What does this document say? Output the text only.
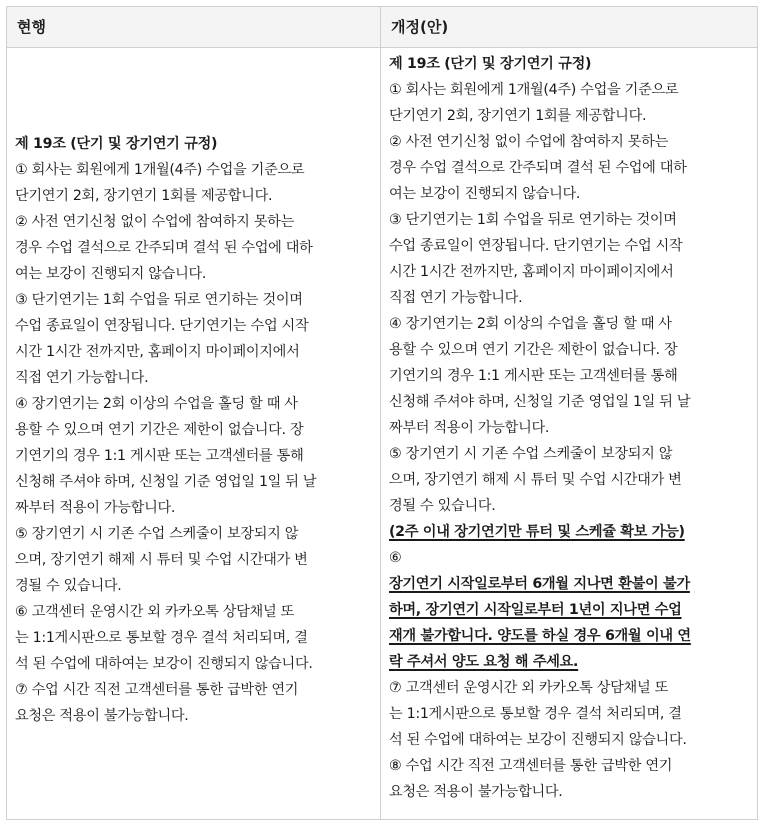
현행	개정(안)
제 19조 (단기 및 장기연기 규정)
① 회사는 회원에게 1개월(4주) 수업을 기준으로
단기연기 2회, 장기연기 1회를 제공합니다.
② 사전 연기신청 없이 수업에 참여하지 못하는
경우 수업 결석으로 간주되며 결석 된 수업에 대하
여는 보강이 진행되지 않습니다.
③ 단기연기는 1회 수업을 뒤로 연기하는 것이며
수업 종료일이 연장됩니다. 단기연기는 수업 시작
시간 1시간 전까지만, 홈페이지 마이페이지에서
직접 연기 가능합니다.
④ 장기연기는 2회 이상의 수업을 홀딩 할 때 사
용할 수 있으며 연기 기간은 제한이 없습니다. 장
기연기의 경우 1:1 게시판 또는 고객센터를 통해
신청해 주셔야 하며, 신청일 기준 영업일 1일 뒤 날
짜부터 적용이 가능합니다.
⑤ 장기연기 시 기존 수업 스케줄이 보장되지 않
으며, 장기연기 해제 시 튜터 및 수업 시간대가 변
경될 수 있습니다.
⑥ 고객센터 운영시간 외 카카오톡 상담채널 또
는 1:1게시판으로 통보할 경우 결석 처리되며, 결
석 된 수업에 대하여는 보강이 진행되지 않습니다.
⑦ 수업 시간 직전 고객센터를 통한 급박한 연기
요청은 적용이 불가능합니다.
제 19조 (단기 및 장기연기 규정)
① 회사는 회원에게 1개월(4주) 수업을 기준으로
단기연기 2회, 장기연기 1회를 제공합니다.
② 사전 연기신청 없이 수업에 참여하지 못하는
경우 수업 결석으로 간주되며 결석 된 수업에 대하
여는 보강이 진행되지 않습니다.
③ 단기연기는 1회 수업을 뒤로 연기하는 것이며
수업 종료일이 연장됩니다. 단기연기는 수업 시작
시간 1시간 전까지만, 홈페이지 마이페이지에서
직접 연기 가능합니다.
④ 장기연기는 2회 이상의 수업을 홀딩 할 때 사
용할 수 있으며 연기 기간은 제한이 없습니다. 장
기연기의 경우 1:1 게시판 또는 고객센터를 통해
신청해 주셔야 하며, 신청일 기준 영업일 1일 뒤 날
짜부터 적용이 가능합니다.
⑤ 장기연기 시 기존 수업 스케줄이 보장되지 않
으며, 장기연기 해제 시 튜터 및 수업 시간대가 변
경될 수 있습니다.
(2주 이내 장기연기만 튜터 및 스케쥴 확보 가능)
⑥
장기연기 시작일로부터 6개월 지나면 환불이 불가
하며, 장기연기 시작일로부터 1년이 지나면 수업
재개 불가합니다. 양도를 하실 경우 6개월 이내 연
락 주셔서 양도 요청 해 주세요.
⑦ 고객센터 운영시간 외 카카오톡 상담채널 또
는 1:1게시판으로 통보할 경우 결석 처리되며, 결
석 된 수업에 대하여는 보강이 진행되지 않습니다.
⑧ 수업 시간 직전 고객센터를 통한 급박한 연기
요청은 적용이 불가능합니다.
